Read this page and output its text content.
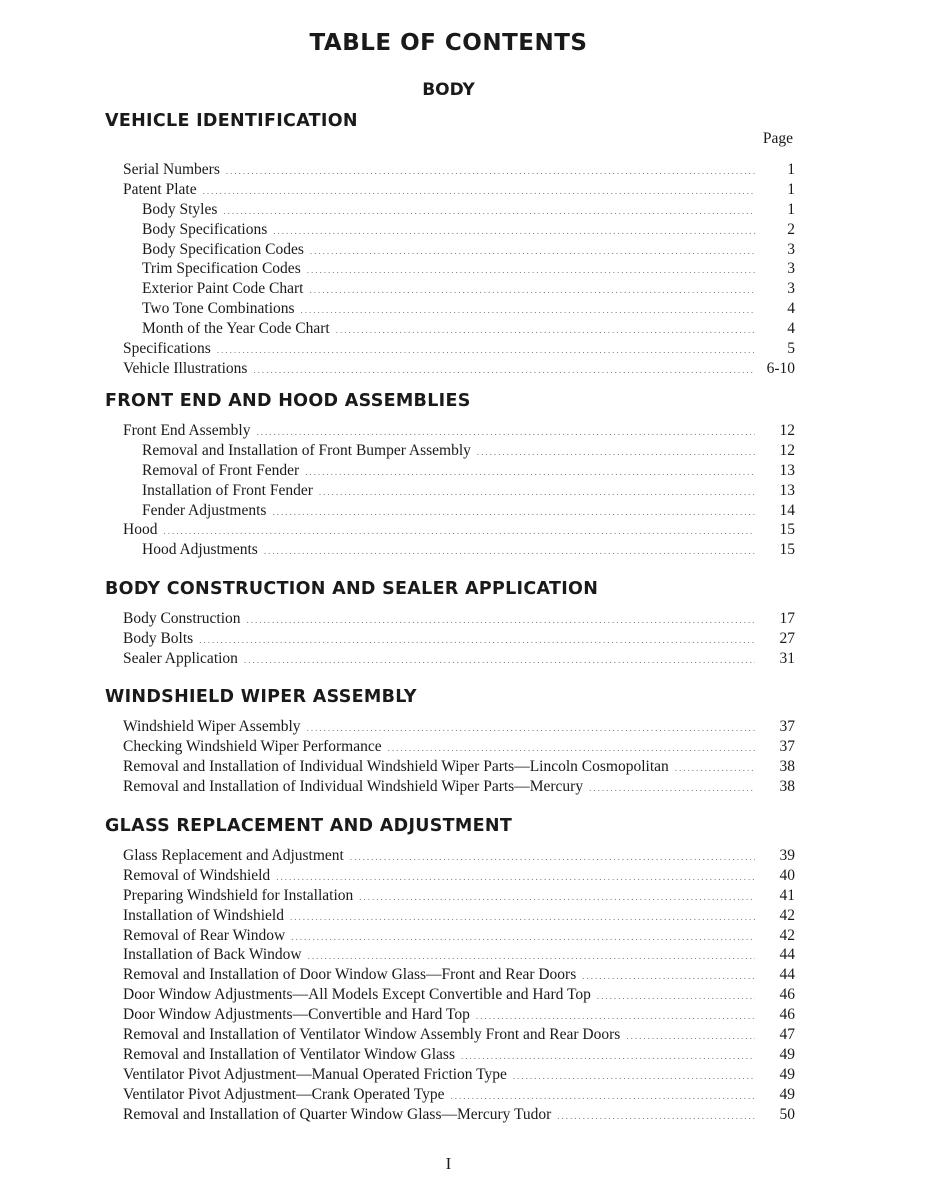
TABLE OF CONTENTS
BODY
Page
VEHICLE IDENTIFICATION
Serial Numbers .....	1
Patent Plate .....	1
Body Styles .....	1
Body Specifications .....	2
Body Specification Codes .....	3
Trim Specification Codes .....	3
Exterior Paint Code Chart .....	3
Two Tone Combinations .....	4
Month of the Year Code Chart .....	4
Specifications .....	5
Vehicle Illustrations .....	6-10
FRONT END AND HOOD ASSEMBLIES
Front End Assembly .....	12
Removal and Installation of Front Bumper Assembly .....	12
Removal of Front Fender .....	13
Installation of Front Fender .....	13
Fender Adjustments .....	14
Hood .....	15
Hood Adjustments .....	15
BODY CONSTRUCTION AND SEALER APPLICATION
Body Construction .....	17
Body Bolts .....	27
Sealer Application .....	31
WINDSHIELD WIPER ASSEMBLY
Windshield Wiper Assembly .....	37
Checking Windshield Wiper Performance .....	37
Removal and Installation of Individual Windshield Wiper Parts—Lincoln Cosmopolitan .....	38
Removal and Installation of Individual Windshield Wiper Parts—Mercury .....	38
GLASS REPLACEMENT AND ADJUSTMENT
Glass Replacement and Adjustment .....	39
Removal of Windshield .....	40
Preparing Windshield for Installation .....	41
Installation of Windshield .....	42
Removal of Rear Window .....	42
Installation of Back Window .....	44
Removal and Installation of Door Window Glass—Front and Rear Doors .....	44
Door Window Adjustments—All Models Except Convertible and Hard Top .....	46
Door Window Adjustments—Convertible and Hard Top .....	46
Removal and Installation of Ventilator Window Assembly Front and Rear Doors .....	47
Removal and Installation of Ventilator Window Glass .....	49
Ventilator Pivot Adjustment—Manual Operated Friction Type .....	49
Ventilator Pivot Adjustment—Crank Operated Type .....	49
Removal and Installation of Quarter Window Glass—Mercury Tudor .....	50
I
